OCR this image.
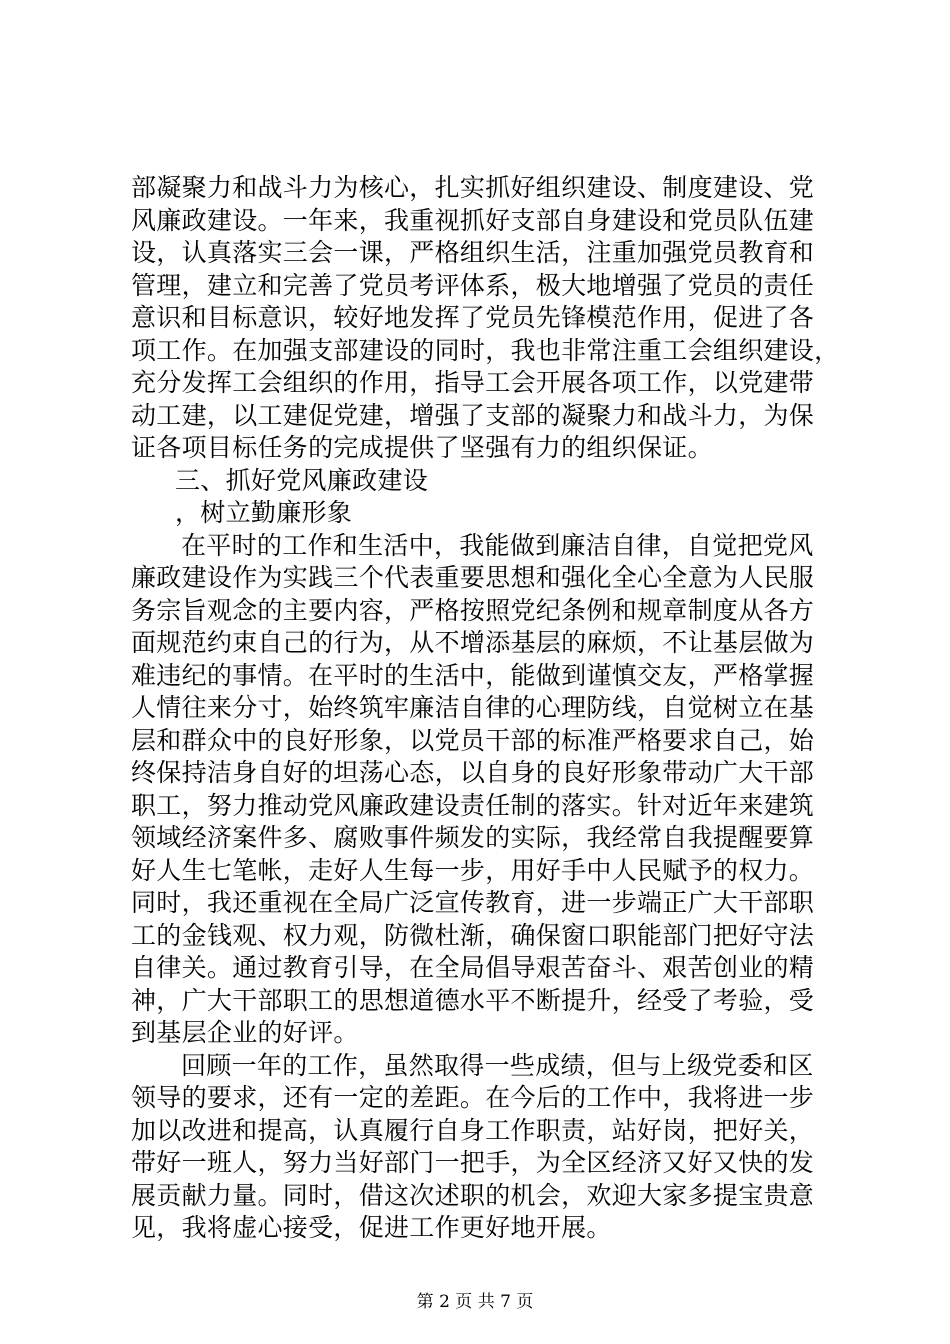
部凝聚力和战斗力为核心，扎实抓好组织建设、制度建设、党
风廉政建设。一年来，我重视抓好支部自身建设和党员队伍建
设，认真落实三会一课，严格组织生活，注重加强党员教育和
管理，建立和完善了党员考评体系，极大地增强了党员的责任
意识和目标意识，较好地发挥了党员先锋模范作用，促进了各
项工作。在加强支部建设的同时，我也非常注重工会组织建设，
充分发挥工会组织的作用，指导工会开展各项工作，以党建带
动工建，以工建促党建，增强了支部的凝聚力和战斗力，为保
证各项目标任务的完成提供了坚强有力的组织保证。
三、抓好党风廉政建设
，树立勤廉形象
在平时的工作和生活中，我能做到廉洁自律，自觉把党风
廉政建设作为实践三个代表重要思想和强化全心全意为人民服
务宗旨观念的主要内容，严格按照党纪条例和规章制度从各方
面规范约束自己的行为，从不增添基层的麻烦，不让基层做为
难违纪的事情。在平时的生活中，能做到谨慎交友，严格掌握
人情往来分寸，始终筑牢廉洁自律的心理防线，自觉树立在基
层和群众中的良好形象，以党员干部的标准严格要求自己，始
终保持洁身自好的坦荡心态，以自身的良好形象带动广大干部
职工，努力推动党风廉政建设责任制的落实。针对近年来建筑
领域经济案件多、腐败事件频发的实际，我经常自我提醒要算
好人生七笔帐，走好人生每一步，用好手中人民赋予的权力。
同时，我还重视在全局广泛宣传教育，进一步端正广大干部职
工的金钱观、权力观，防微杜渐，确保窗口职能部门把好守法
自律关。通过教育引导，在全局倡导艰苦奋斗、艰苦创业的精
神，广大干部职工的思想道德水平不断提升，经受了考验，受
到基层企业的好评。
回顾一年的工作，虽然取得一些成绩，但与上级党委和区
领导的要求，还有一定的差距。在今后的工作中，我将进一步
加以改进和提高，认真履行自身工作职责，站好岗，把好关，
带好一班人，努力当好部门一把手，为全区经济又好又快的发
展贡献力量。同时，借这次述职的机会，欢迎大家多提宝贵意
见，我将虚心接受，促进工作更好地开展。
第 2 页 共 7 页
